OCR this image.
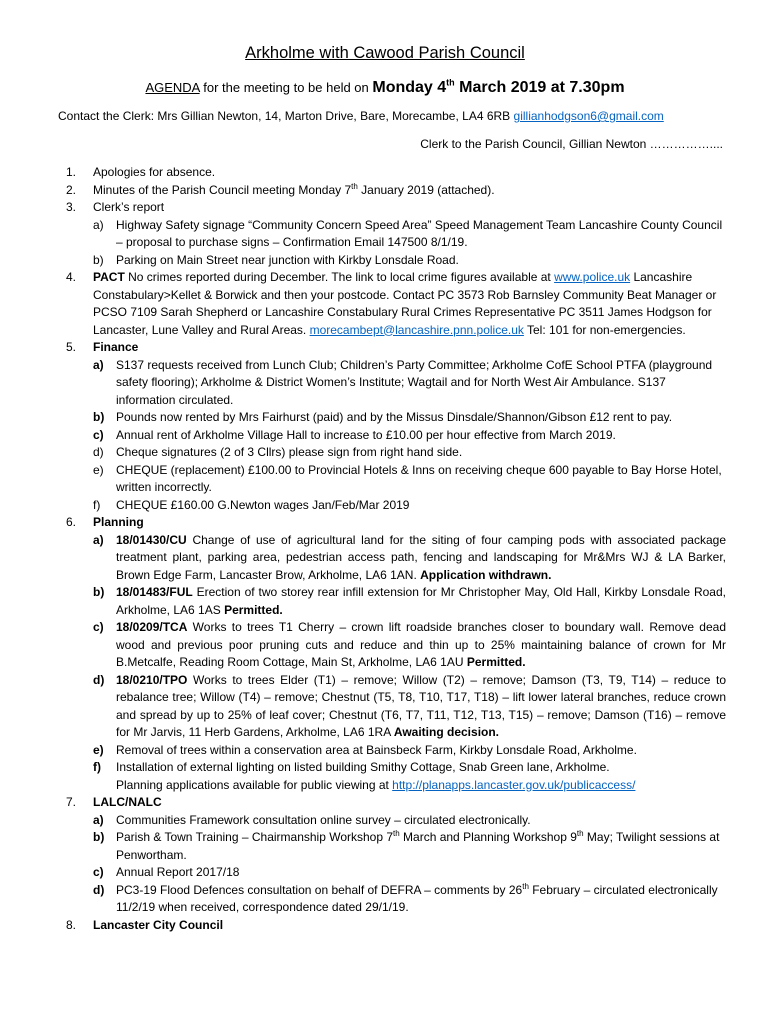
Arkholme with Cawood Parish Council
AGENDA for the meeting to be held on Monday 4th March 2019 at 7.30pm
Contact the Clerk: Mrs Gillian Newton, 14, Marton Drive, Bare, Morecambe, LA4 6RB gillianhodgson6@gmail.com
Clerk to the Parish Council, Gillian Newton ……………....
1.	Apologies for absence.
2.	Minutes of the Parish Council meeting Monday 7th January 2019 (attached).
3.	Clerk’s report
a)	Highway Safety signage “Community Concern Speed Area” Speed Management Team Lancashire County Council – proposal to purchase signs – Confirmation Email 147500 8/1/19.
b)	Parking on Main Street near junction with Kirkby Lonsdale Road.
4.	PACT No crimes reported during December. The link to local crime figures available at www.police.uk Lancashire Constabulary>Kellet & Borwick and then your postcode. Contact PC 3573 Rob Barnsley Community Beat Manager or PCSO 7109 Sarah Shepherd or Lancashire Constabulary Rural Crimes Representative PC 3511 James Hodgson for Lancaster, Lune Valley and Rural Areas. morecambept@lancashire.pnn.police.uk Tel: 101 for non-emergencies.
5.	Finance
a)	S137 requests received from Lunch Club; Children’s Party Committee; Arkholme CofE School PTFA (playground safety flooring); Arkholme & District Women’s Institute; Wagtail and for North West Air Ambulance. S137 information circulated.
b) Pounds now rented by Mrs Fairhurst (paid) and by the Missus Dinsdale/Shannon/Gibson £12 rent to pay.
c)	Annual rent of Arkholme Village Hall to increase to £10.00 per hour effective from March 2019.
d)	Cheque signatures (2 of 3 Cllrs) please sign from right hand side.
e)	CHEQUE (replacement) £100.00 to Provincial Hotels & Inns on receiving cheque 600 payable to Bay Horse Hotel, written incorrectly.
f)	CHEQUE £160.00 G.Newton wages Jan/Feb/Mar 2019
6.	Planning
a)	18/01430/CU Change of use of agricultural land for the siting of four camping pods with associated package treatment plant, parking area, pedestrian access path, fencing and landscaping for Mr&Mrs WJ & LA Barker, Brown Edge Farm, Lancaster Brow, Arkholme, LA6 1AN. Application withdrawn.
b) 18/01483/FUL Erection of two storey rear infill extension for Mr Christopher May, Old Hall, Kirkby Lonsdale Road, Arkholme, LA6 1AS Permitted.
c)	18/0209/TCA Works to trees T1 Cherry – crown lift roadside branches closer to boundary wall. Remove dead wood and previous poor pruning cuts and reduce and thin up to 25% maintaining balance of crown for Mr B.Metcalfe, Reading Room Cottage, Main St, Arkholme, LA6 1AU Permitted.
d) 18/0210/TPO Works to trees Elder (T1) – remove; Willow (T2) – remove; Damson (T3, T9, T14) – reduce to rebalance tree; Willow (T4) – remove; Chestnut (T5, T8, T10, T17, T18) – lift lower lateral branches, reduce crown and spread by up to 25% of leaf cover; Chestnut (T6, T7, T11, T12, T13, T15) – remove; Damson (T16) – remove for Mr Jarvis, 11 Herb Gardens, Arkholme, LA6 1RA Awaiting decision.
e)	Removal of trees within a conservation area at Bainsbeck Farm, Kirkby Lonsdale Road, Arkholme.
f)	Installation of external lighting on listed building Smithy Cottage, Snab Green lane, Arkholme.
Planning applications available for public viewing at http://planapps.lancaster.gov.uk/publicaccess/
7.	LALC/NALC
a)	Communities Framework consultation online survey – circulated electronically.
b) Parish & Town Training – Chairmanship Workshop 7th March and Planning Workshop 9th May; Twilight sessions at Penwortham.
c)	Annual Report 2017/18
d) PC3-19 Flood Defences consultation on behalf of DEFRA – comments by 26th February – circulated electronically 11/2/19 when received, correspondence dated 29/1/19.
8.	Lancaster City Council
